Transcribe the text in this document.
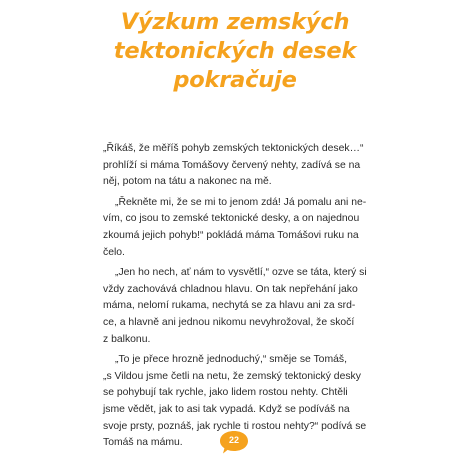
Výzkum zemských
tektonických desek
pokračuje
„Říkáš, že měříš pohyb zemských tektonických desek…“
prohlíží si máma Tomášovy červený nehty, zadívá se na
něj, potom na tátu a nakonec na mě.
„Řekněte mi, že se mi to jenom zdá! Já pomalu ani ne-
vím, co jsou to zemské tektonické desky, a on najednou
zkoumá jejich pohyb!“ pokládá máma Tomášovi ruku na
čelo.
„Jen ho nech, ať nám to vysvětlí,“ ozve se táta, který si
vždy zachovává chladnou hlavu. On tak nepřehání jako
máma, nelomí rukama, nechytá se za hlavu ani za srd-
ce, a hlavně ani jednou nikomu nevyhrožoval, že skočí
z balkonu.
„To je přece hrozně jednoduchý,“ směje se Tomáš,
„s Vildou jsme četli na netu, že zemský tektonický desky
se pohybují tak rychle, jako lidem rostou nehty. Chtěli
jsme vědět, jak to asi tak vypadá. Když se podíváš na
svoje prsty, poznáš, jak rychle ti rostou nehty?“ podívá se
Tomáš na mámu.	22
